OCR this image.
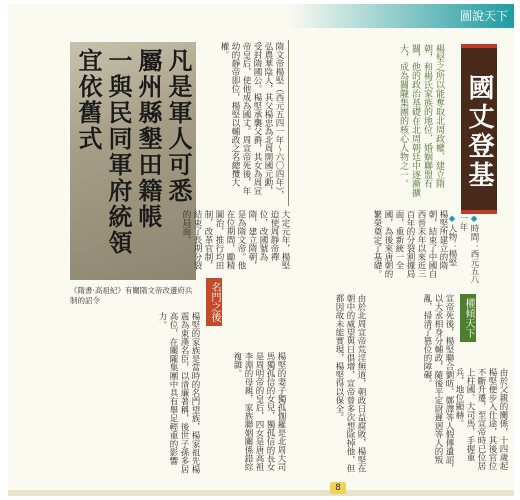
圖說天下
國丈登基
◆時間：西元五八一年
◆人物：楊堅
楊堅之所以能奪取北周政權、建立隋朝，和楊氏家族的地位、婚姻聯盟有關，他的政治基礎在北周朝廷中逐漸擴大，成為關隴集團的核心人物之一。
凡是軍人可悉
屬州縣墾田籍帳
一與民同軍府統領
宜依舊式
《隋書·高祖紀》有關隋文帝改邊府兵制的詔令
隋文帝楊堅（西元五四一年～六〇四年），弘農華陰人，其父楊忠為北周開國元勳，受封隋國公。楊堅承襲父爵，其女為周宣帝皇后，使他成為國丈。周宣帝死後，年幼的靜帝即位，楊堅以輔政之名總攬大權。
大定元年，楊堅迫使周靜帝禪位，改國號為隋，建立隋朝，是為隋文帝。他在位期間，勵精圖治，推行均田制，改革官制，結束了長期分裂的局面。	楊堅所建立的隋朝，結束了中國自西晉末年以來近三百年的分裂割據局面，重新統一全國，為後來唐朝的繁榮奠定了基礎。
名門之後	權傾天下
楊堅的家族是當時的名門望族，楊家祖先楊震為東漢名臣，以清廉著稱，後世子孫多居高位，在關隴集團中具有舉足輕重的影響力。
楊堅的妻子獨孤伽羅是北周大司馬獨孤信的女兒，獨孤信的長女是周明帝的皇后，四女是唐高祖李淵的母親，家族聯姻關係錯綜複雜。	由於北周宣帝荒淫無道，朝政日益腐敗，楊堅在朝中的威望與日俱增，宣帝曾多次想除掉他，但都因故未能實現，楊堅得以保全。	宣帝死後，楊堅聯合劉昉、鄭譯等人假傳遺詔，以大丞相身分輔政，隨後平定尉遲迥等人的叛亂，掃清了篡位的障礙。
由於父親的關係，十四歲起楊堅便步入仕途，其後官位不斷升遷，至宣帝時已位居上柱國、大司馬，手握重兵，地位顯赫。
8
